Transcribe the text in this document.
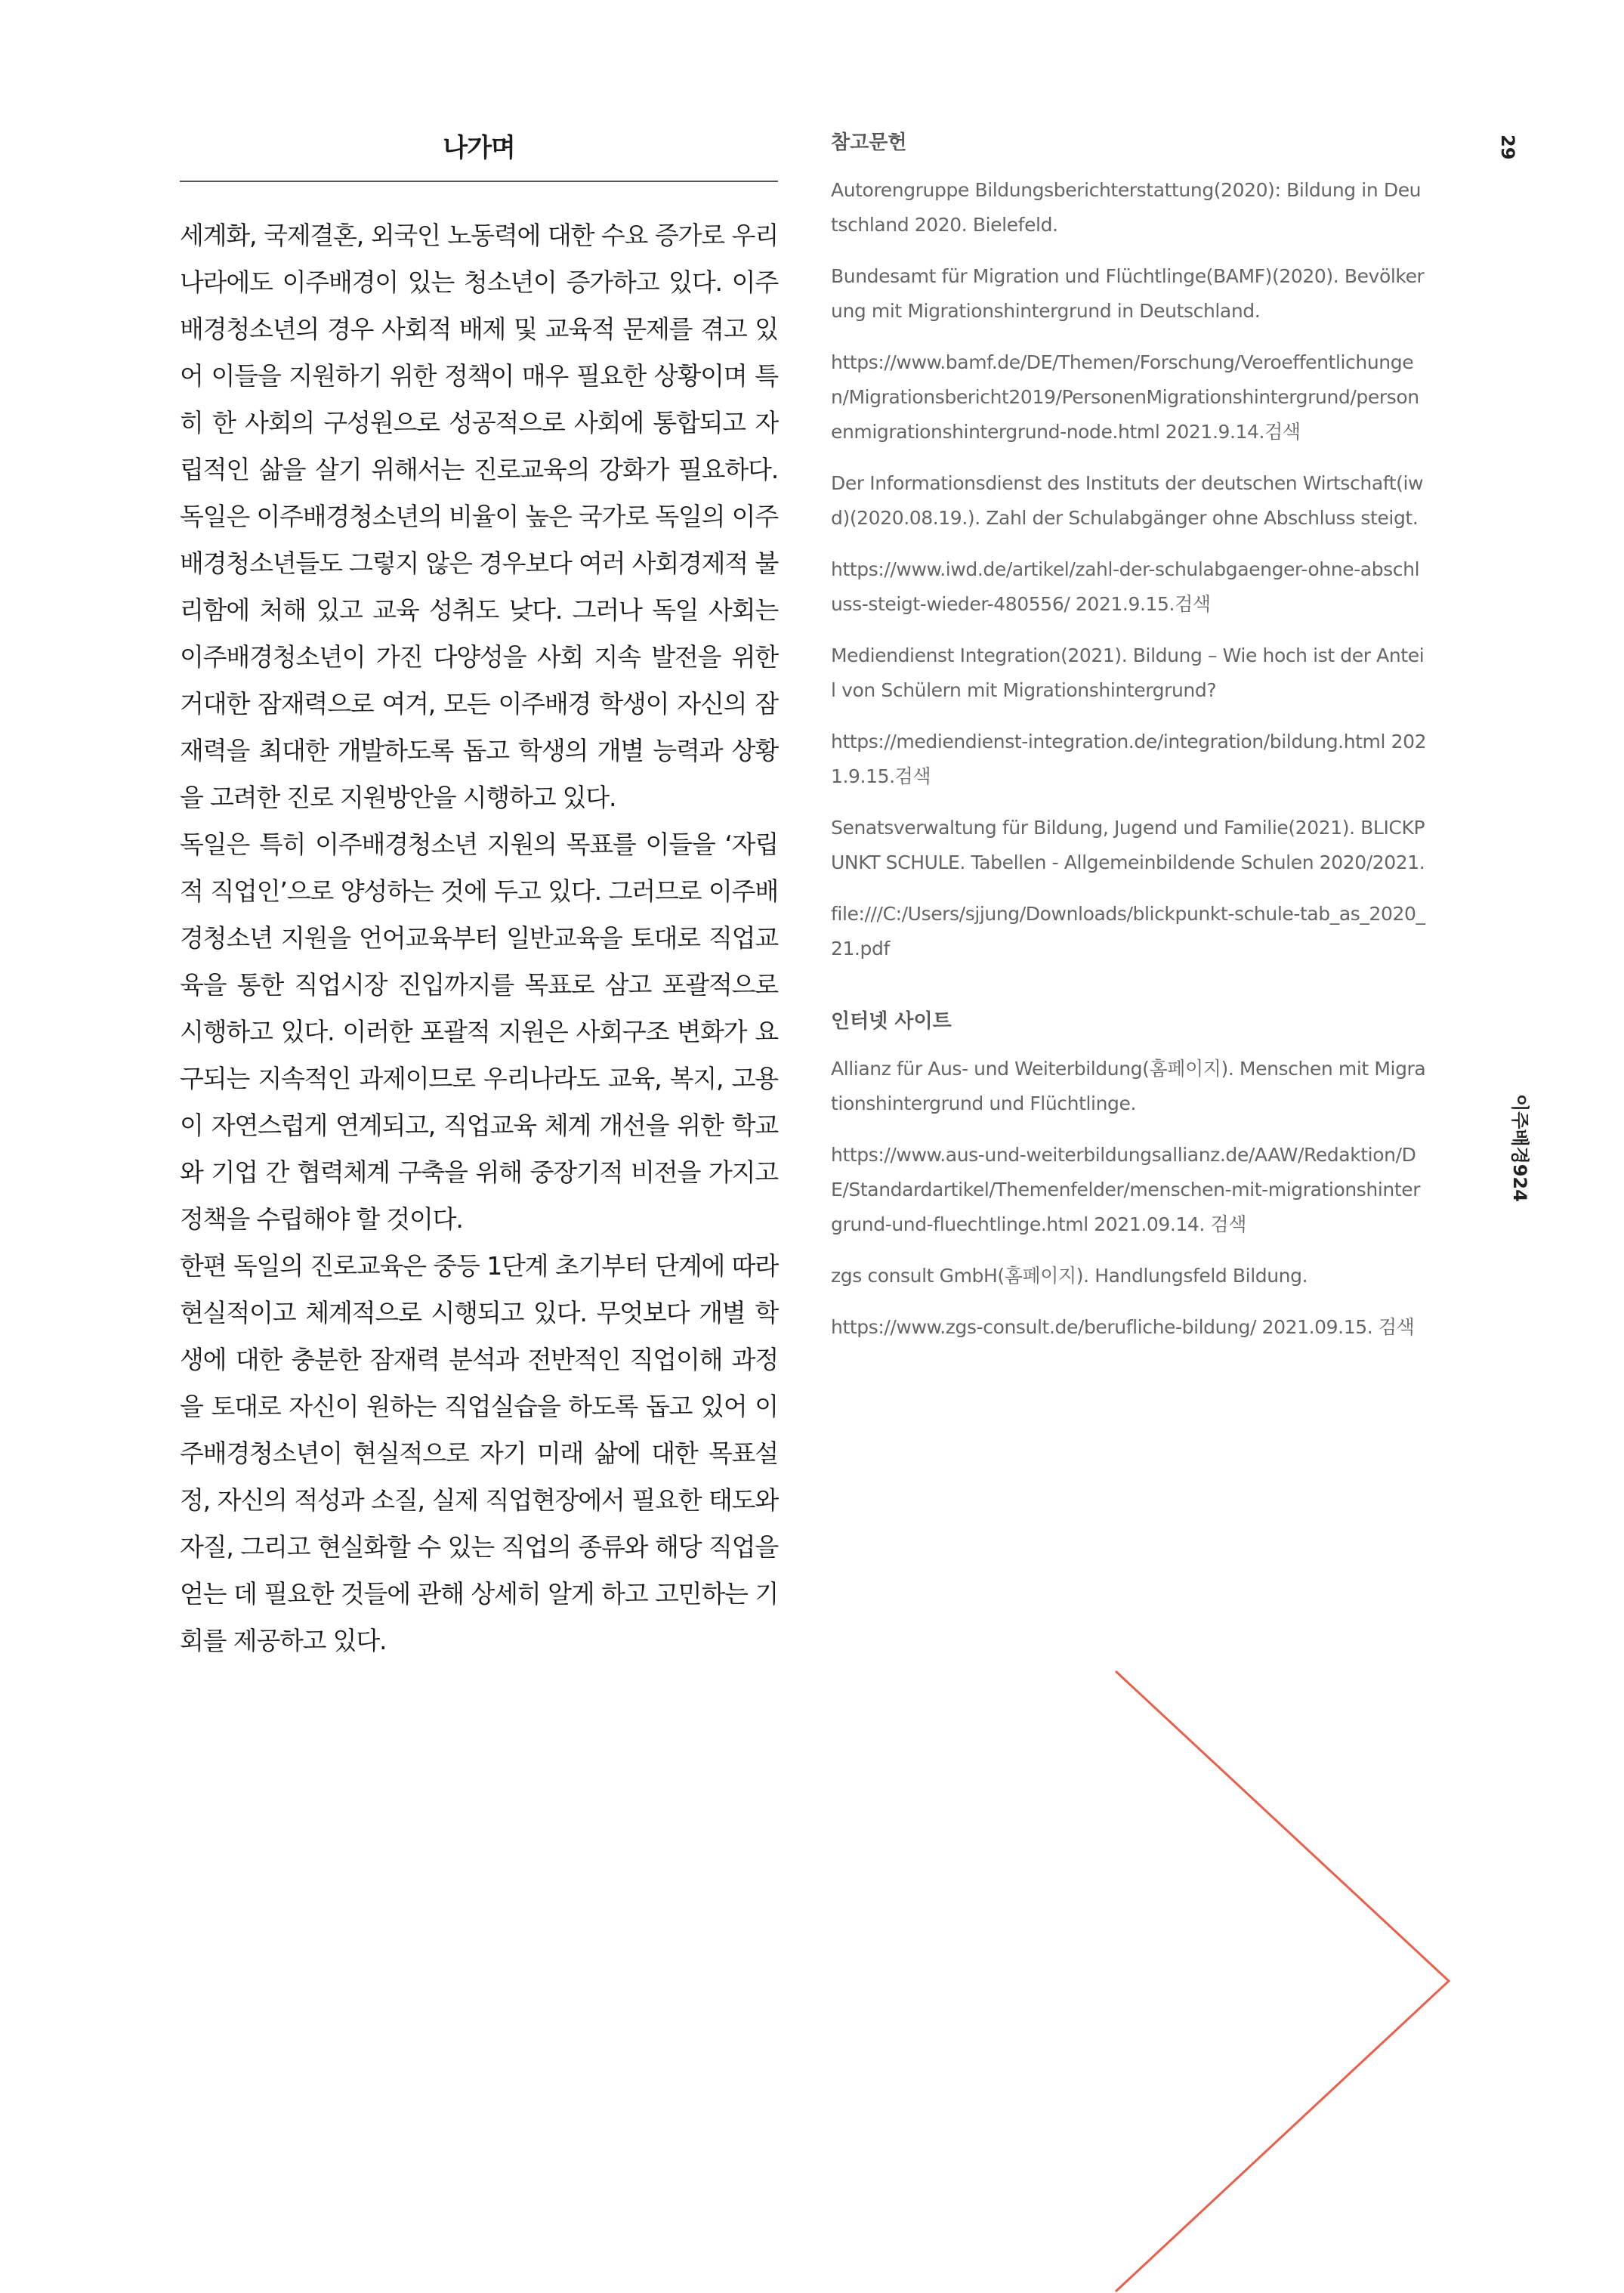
나가며

세계화, 국제결혼, 외국인 노동력에 대한 수요 증가로 우리나라에도 이주배경이 있는 청소년이 증가하고 있다. 이주배경청소년의 경우 사회적 배제 및 교육적 문제를 겪고 있어 이들을 지원하기 위한 정책이 매우 필요한 상황이며 특히 한 사회의 구성원으로 성공적으로 사회에 통합되고 자립적인 삶을 살기 위해서는 진로교육의 강화가 필요하다. 독일은 이주배경청소년의 비율이 높은 국가로 독일의 이주배경청소년들도 그렇지 않은 경우보다 여러 사회경제적 불리함에 처해 있고 교육 성취도 낮다. 그러나 독일 사회는 이주배경청소년이 가진 다양성을 사회 지속 발전을 위한 거대한 잠재력으로 여겨, 모든 이주배경 학생이 자신의 잠재력을 최대한 개발하도록 돕고 학생의 개별 능력과 상황을 고려한 진로 지원방안을 시행하고 있다.

독일은 특히 이주배경청소년 지원의 목표를 이들을 ‘자립적 직업인’으로 양성하는 것에 두고 있다. 그러므로 이주배경청소년 지원을 언어교육부터 일반교육을 토대로 직업교육을 통한 직업시장 진입까지를 목표로 삼고 포괄적으로 시행하고 있다. 이러한 포괄적 지원은 사회구조 변화가 요구되는 지속적인 과제이므로 우리나라도 교육, 복지, 고용이 자연스럽게 연계되고, 직업교육 체계 개선을 위한 학교와 기업 간 협력체계 구축을 위해 중장기적 비전을 가지고 정책을 수립해야 할 것이다.

한편 독일의 진로교육은 중등 1단계 초기부터 단계에 따라 현실적이고 체계적으로 시행되고 있다. 무엇보다 개별 학생에 대한 충분한 잠재력 분석과 전반적인 직업이해 과정을 토대로 자신이 원하는 직업실습을 하도록 돕고 있어 이주배경청소년이 현실적으로 자기 미래 삶에 대한 목표설정, 자신의 적성과 소질, 실제 직업현장에서 필요한 태도와 자질, 그리고 현실화할 수 있는 직업의 종류와 해당 직업을 얻는 데 필요한 것들에 관해 상세히 알게 하고 고민하는 기회를 제공하고 있다.

참고문헌

Autorengruppe Bildungsberichterstattung(2020): Bildung in Deutschland 2020. Bielefeld.

Bundesamt für Migration und Flüchtlinge(BAMF)(2020). Bevölkerung mit Migrationshintergrund in Deutschland.

https://www.bamf.de/DE/Themen/Forschung/Veroeffentlichungen/Migrationsbericht2019/PersonenMigrationshintergrund/personenmigrationshintergrund-node.html 2021.9.14.검색

Der Informationsdienst des Instituts der deutschen Wirtschaft(iwd)(2020.08.19.). Zahl der Schulabgänger ohne Abschluss steigt.

https://www.iwd.de/artikel/zahl-der-schulabgaenger-ohne-abschluss-steigt-wieder-480556/ 2021.9.15.검색

Mediendienst Integration(2021). Bildung – Wie hoch ist der Anteil von Schülern mit Migrationshintergrund?

https://mediendienst-integration.de/integration/bildung.html 2021.9.15.검색

Senatsverwaltung für Bildung, Jugend und Familie(2021). BLICKPUNKT SCHULE. Tabellen - Allgemeinbildende Schulen 2020/2021.

file:///C:/Users/sjjung/Downloads/blickpunkt-schule-tab_as_2020_21.pdf

인터넷 사이트

Allianz für Aus- und Weiterbildung(홈페이지). Menschen mit Migrationshintergrund und Flüchtlinge.

https://www.aus-und-weiterbildungsallianz.de/AAW/Redaktion/DE/Standardartikel/Themenfelder/menschen-mit-migrationshintergrund-und-fluechtlinge.html 2021.09.14. 검색

zgs consult GmbH(홈페이지). Handlungsfeld Bildung.

https://www.zgs-consult.de/berufliche-bildung/ 2021.09.15. 검색

29
이주배경924
